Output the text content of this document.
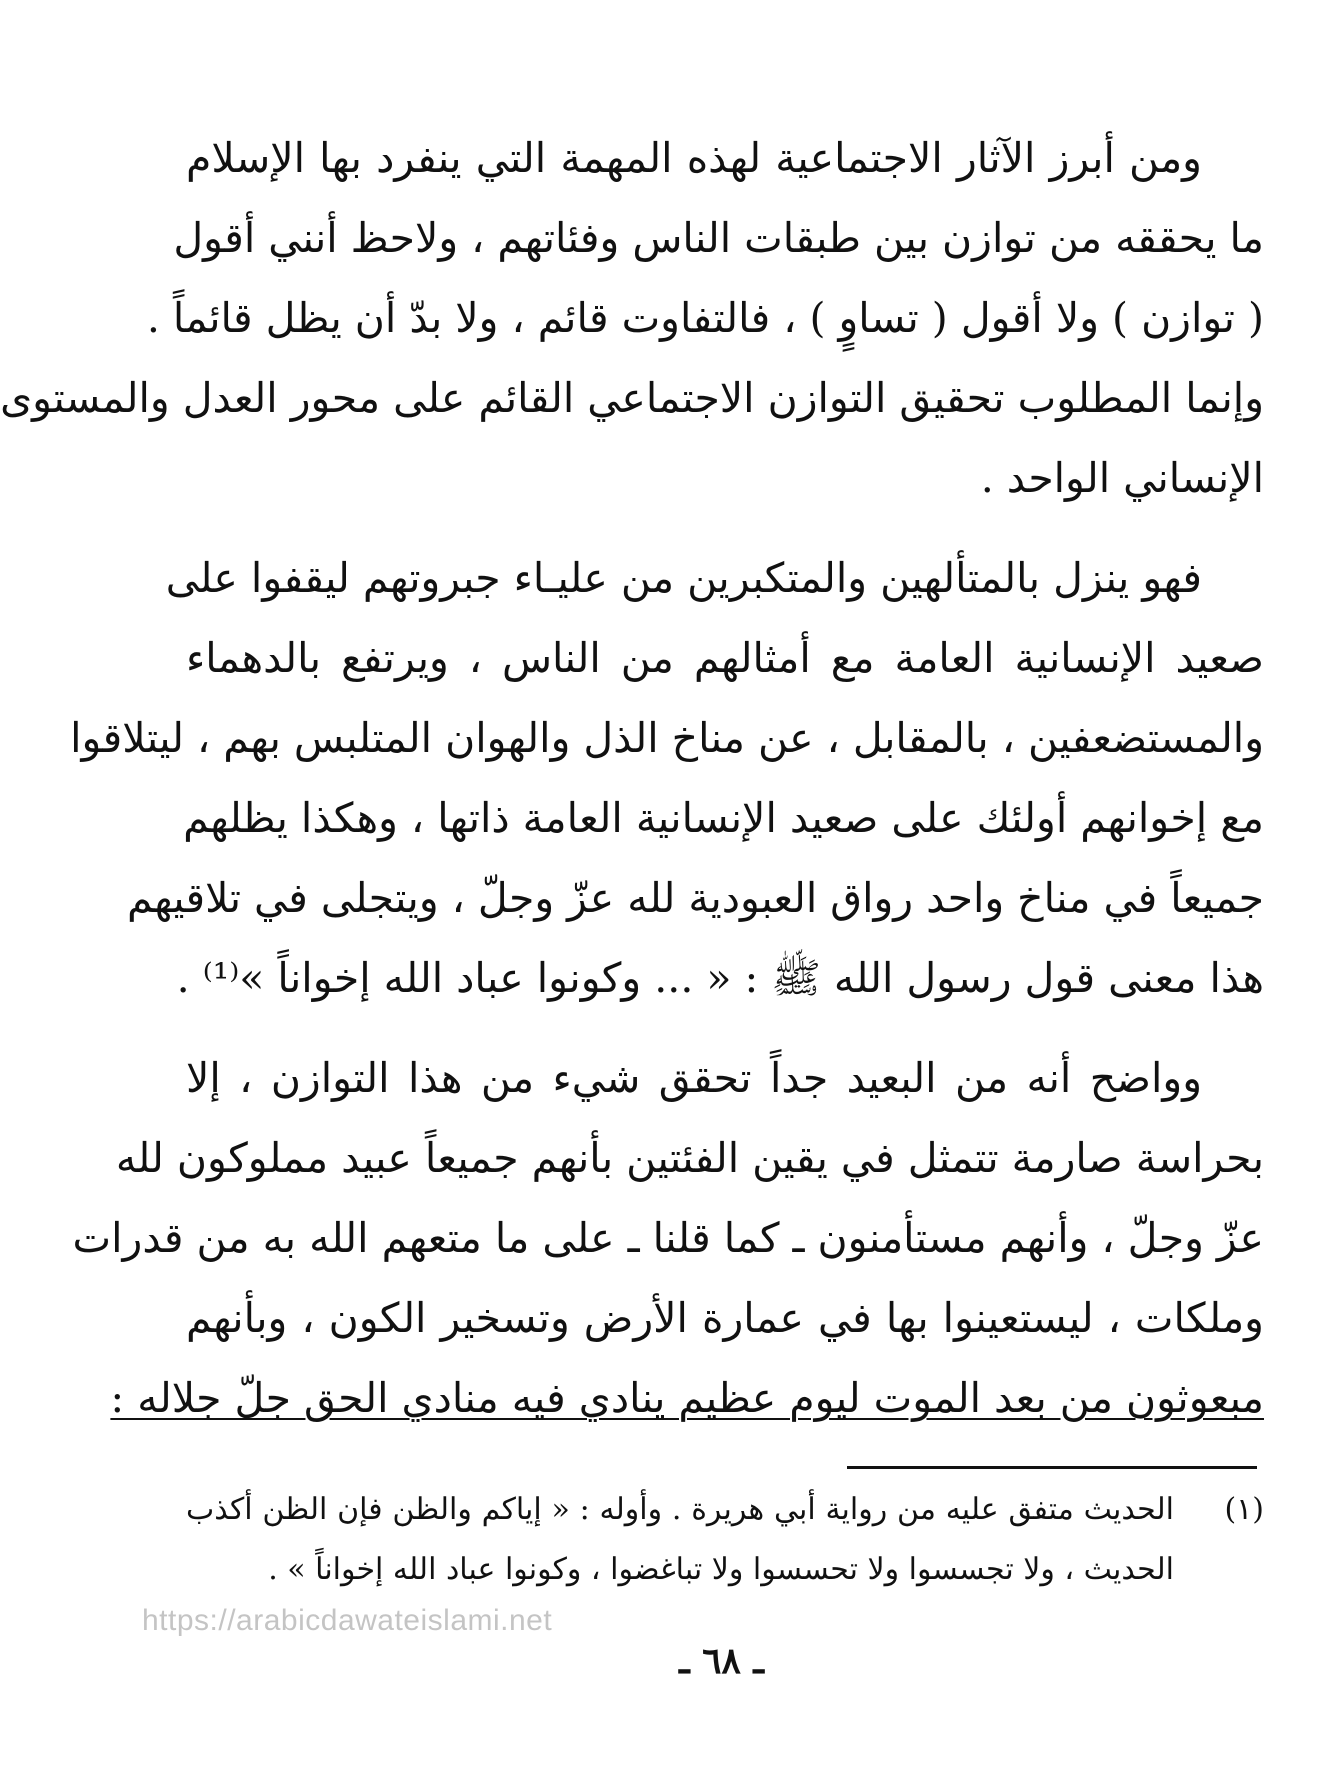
ومن أبرز الآثار الاجتماعية لهذه المهمة التي ينفرد بها الإسلام
ما يحققه من توازن بين طبقات الناس وفئاتهم ، ولاحظ أنني أقول
( توازن ) ولا أقول ( تساوٍ ) ، فالتفاوت قائم ، ولا بدّ أن يظل قائماً .
وإنما المطلوب تحقيق التوازن الاجتماعي القائم على محور العدل والمستوى
الإنساني الواحد .
فهو ينزل بالمتألهين والمتكبرين من عليـاء جبروتهم ليقفوا على
صعيد الإنسانية العامة مع أمثالهم من الناس ، ويرتفع بالدهماء
والمستضعفين ، بالمقابل ، عن مناخ الذل والهوان المتلبس بهم ، ليتلاقوا
مع إخوانهم أولئك على صعيد الإنسانية العامة ذاتها ، وهكذا يظلهم
جميعاً في مناخ واحد رواق العبودية لله عزّ وجلّ ، ويتجلى في تلاقيهم
هذا معنى قول رسول الله ﷺ : « ... وكونوا عباد الله إخواناً »⁽¹⁾ .
وواضح أنه من البعيد جداً تحقق شيء من هذا التوازن ، إلا
بحراسة صارمة تتمثل في يقين الفئتين بأنهم جميعاً عبيد مملوكون لله
عزّ وجلّ ، وأنهم مستأمنون ـ كما قلنا ـ على ما متعهم الله به من قدرات
وملكات ، ليستعينوا بها في عمارة الأرض وتسخير الكون ، وبأنهم
مبعوثون من بعد الموت ليوم عظيم ينادي فيه منادي الحق جلّ جلاله :
(١)
الحديث متفق عليه من رواية أبي هريرة . وأوله : « إياكم والظن فإن الظن أكذب
الحديث ، ولا تجسسوا ولا تحسسوا ولا تباغضوا ، وكونوا عباد الله إخواناً » .
https://arabicdawateislami.net
ـ ٦٨ ـ
